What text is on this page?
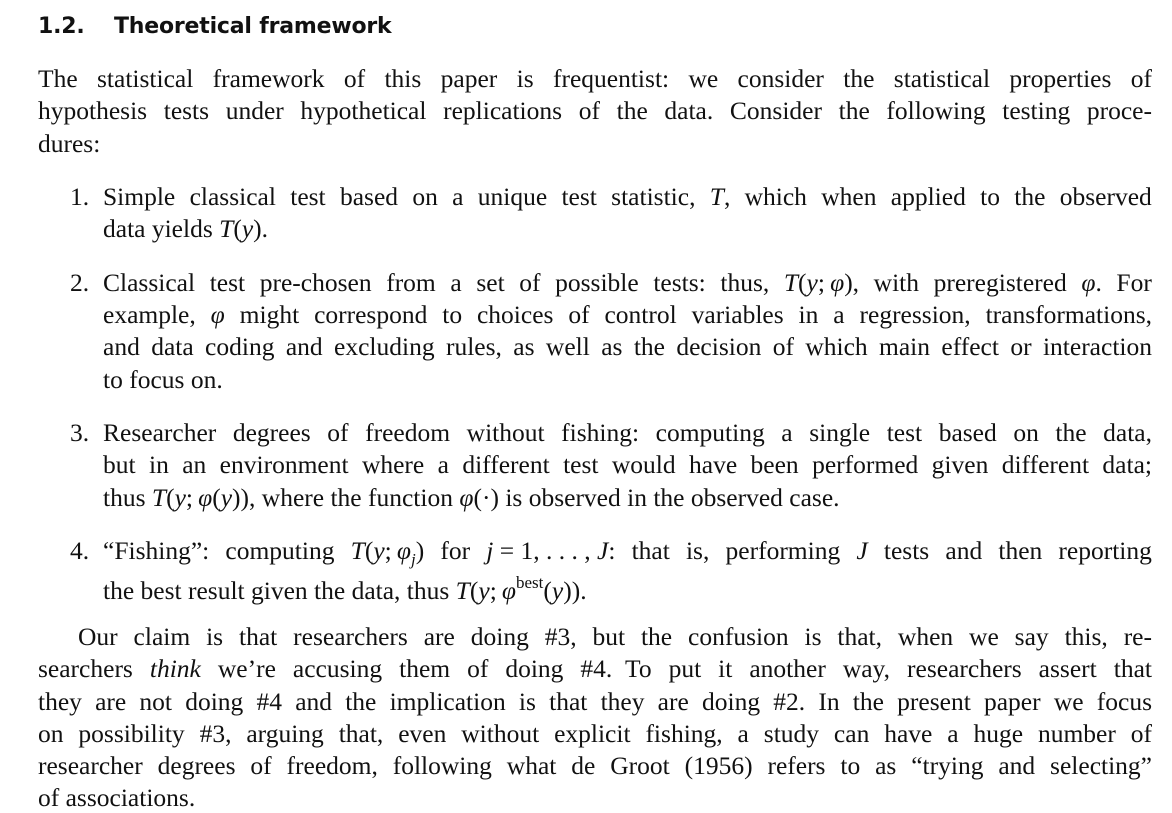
1.2. Theoretical framework
The statistical framework of this paper is frequentist: we consider the statistical properties of
hypothesis tests under hypothetical replications of the data. Consider the following testing proce-
dures:
1. Simple classical test based on a unique test statistic, T, which when applied to the observed
data yields T(y).
2. Classical test pre-chosen from a set of possible tests: thus, T(y; φ), with preregistered φ. For
example, φ might correspond to choices of control variables in a regression, transformations,
and data coding and excluding rules, as well as the decision of which main effect or interaction
to focus on.
3. Researcher degrees of freedom without fishing: computing a single test based on the data,
but in an environment where a different test would have been performed given different data;
thus T(y; φ(y)), where the function φ(·) is observed in the observed case.
4. “Fishing”: computing T(y; $\varphi_j$) for j = 1, . . . , J: that is, performing J tests and then reporting
the best result given the data, thus T(y; $\varphi^{best}(y)$).
Our claim is that researchers are doing #3, but the confusion is that, when we say this, re-
searchers think we’re accusing them of doing #4. To put it another way, researchers assert that
they are not doing #4 and the implication is that they are doing #2. In the present paper we focus
on possibility #3, arguing that, even without explicit fishing, a study can have a huge number of
researcher degrees of freedom, following what de Groot (1956) refers to as “trying and selecting”
of associations.
